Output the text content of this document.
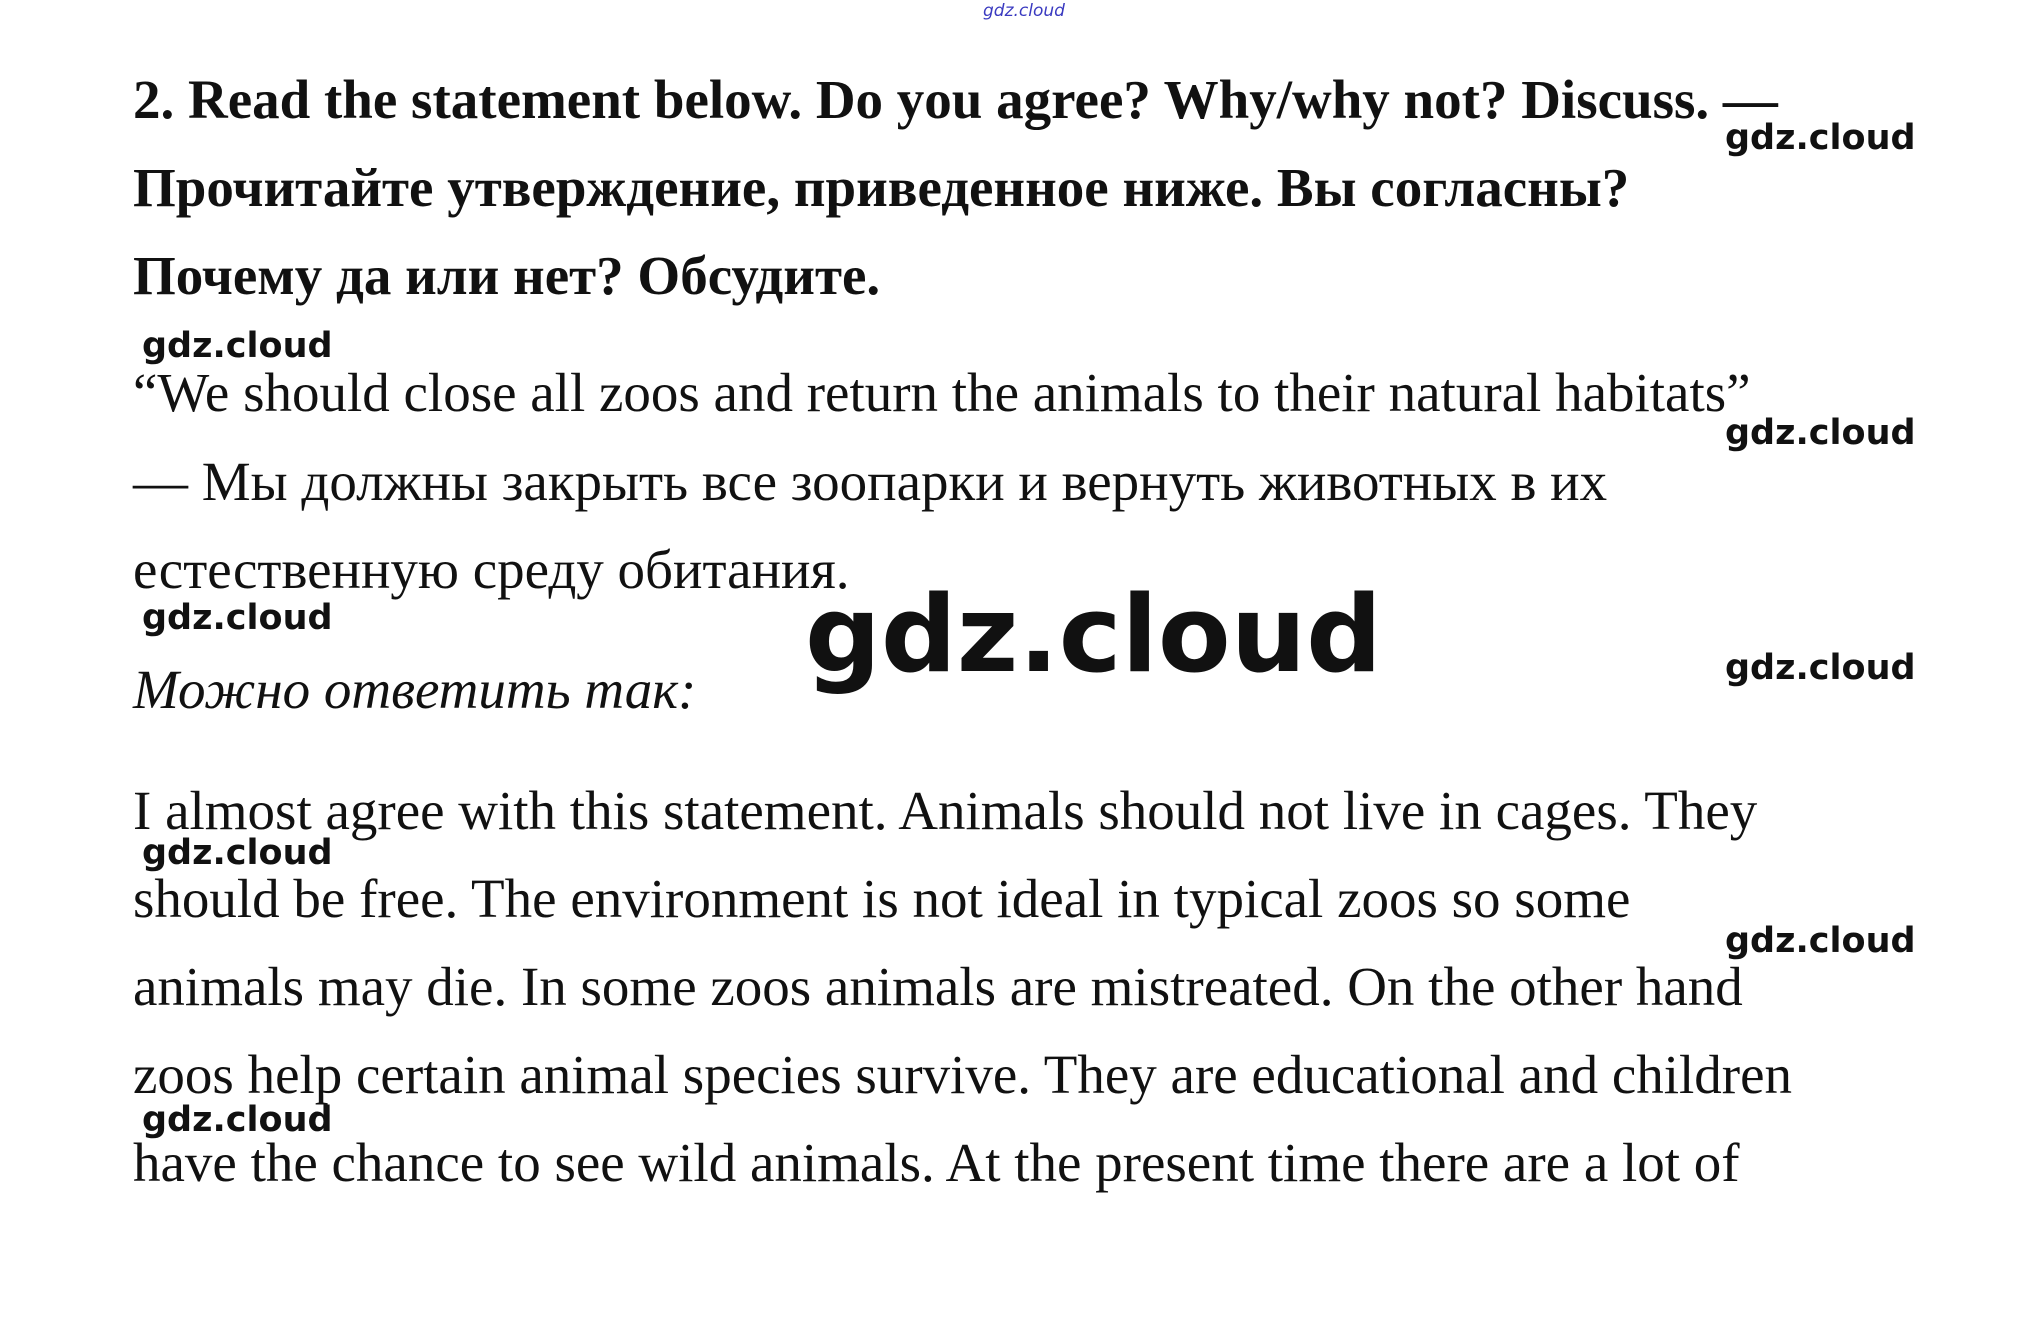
gdz.cloud
2. Read the statement below. Do you agree? Why/why not? Discuss. —
Прочитайте утверждение, приведенное ниже. Вы согласны?
Почему да или нет? Обсудите.
“We should close all zoos and return the animals to their natural habitats”
— Мы должны закрыть все зоопарки и вернуть животных в их
естественную среду обитания.
Можно ответить так:
I almost agree with this statement. Animals should not live in cages. They
should be free. The environment is not ideal in typical zoos so some
animals may die. In some zoos animals are mistreated. On the other hand
zoos help certain animal species survive. They are educational and children
have the chance to see wild animals. At the present time there are a lot of
gdz.cloud
gdz.cloud
gdz.cloud
gdz.cloud
gdz.cloud
gdz.cloud
gdz.cloud
gdz.cloud
gdz.cloud
